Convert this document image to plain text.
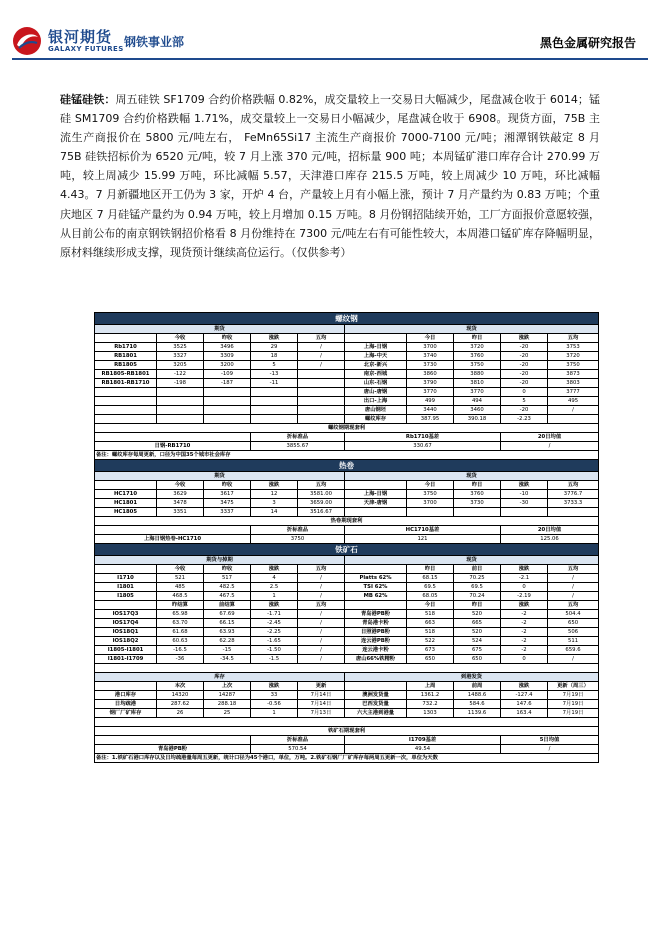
银河期货
GALAXY FUTURES 钢铁事业部	黑色金属研究报告
硅锰硅铁：周五硅铁 SF1709 合约价格跌幅 0.82%，成交量较上一交易日大幅减少，尾盘减仓收于 6014；锰硅 SM1709 合约价格跌幅 1.71%，成交量较上一交易日小幅减少，尾盘减仓收于 6908。现货方面，75B 主流生产商报价在 5800 元/吨左右， FeMn65Si17 主流生产商报价 7000-7100 元/吨；湘潭钢铁敲定 8 月 75B 硅铁招标价为 6520 元/吨，较 7 月上涨 370 元/吨，招标量 900 吨；本周锰矿港口库存合计 270.99 万吨，较上周减少 15.99 万吨，环比减幅 5.57，天津港口库存 215.5 万吨，较上周减少 10 万吨，环比减幅 4.43。7 月新疆地区开工仍为 3 家，开炉 4 台，产量较上月有小幅上涨，预计 7 月产量约为 0.83 万吨；个重庆地区 7 月硅锰产量约为 0.94 万吨，较上月增加 0.15 万吨。8 月份钢招陆续开始，工厂方面报价意愿较强，从目前公布的南京钢铁钢招价格看 8 月份维持在 7300 元/吨左右有可能性较大，本周港口锰矿库存降幅明显，原材料继续形成支撑，现货预计继续高位运行。（仅供参考）
螺纹钢									
期货					现货				
	今收	昨收	涨跌	五均		今日	昨日	涨跌	五均
Rb1710	3525	3496	29	/	上海-日钢	3700	3720	-20	3753
RB1801	3327	3309	18	/	上海-中天	3740	3760	-20	3720
RB1805	3205	3200	5	/	北京-新兴	3730	3750	-20	3750
RB1805-RB1801	-122	-109	-13		南京-西城	3860	3880	-20	3873
RB1801-RB1710	-198	-187	-11		山东-石钢	3790	3810	-20	3803
					唐山-唐钢	3770	3770	0	3777
					出口-上海	499	494	5	495
					唐山钢坯	3440	3460	-20	/
					螺纹库存	387.95	390.18	-2.23	
螺纹钢期现套利									
			折标准品		Rb1710基差			20日均值	
日钢-RB1710			3855.67		330.67			/	
备注：螺纹库存每周更新，口径为中国35个城市社会库存									
热卷									
期货					现货				
	今收	昨收	涨跌	五均		今日	昨日	涨跌	五均
HC1710	3629	3617	12	3581.00	上海-日钢	3750	3760	-10	3776.7
HC1801	3478	3475	3	3659.00	天津-唐钢	3700	3730	-30	3733.3
HC1805	3351	3337	14	3516.67					
热卷期现套利									
			折标准品		HC1710基差			20日均值	
上海日钢热卷-HC1710			3750		121			125.06	
铁矿石									
期货与掉期					现货				
	今收	昨收	涨跌	五均		昨日	前日	涨跌	五均
I1710	521	517	4	/	Platts 62%	68.15	70.25	-2.1	/
I1801	485	482.5	2.5	/	TSI 62%	69.5	69.5	0	/
I1805	468.5	467.5	1	/	MB 62%	68.05	70.24	-2.19	/
	昨结算	前结算	涨跌	五均		今日	昨日	涨跌	五均
IOS17Q3	65.98	67.69	-1.71	/	青岛港PB粉	518	520	-2	504.4
IOS17Q4	63.70	66.15	-2.45	/	青岛港卡粉	663	665	-2	650
IOS18Q1	61.68	63.93	-2.25	/	日照港PB粉	518	520	-2	506
IOS18Q2	60.63	62.28	-1.65	/	连云港PB粉	522	524	-2	511
I1805-I1801	-16.5	-15	-1.50	/	连云港卡粉	673	675	-2	659.6
I1801-I1709	-36	-34.5	-1.5	/	唐山66%铁精粉	650	650	0	/

库存					到港发货				
	本次	上次	涨跌	更新		上周	前周	涨跌	更新（周三）
港口库存	14320	14287	33	7月14日	澳洲发货量	1361.2	1488.6	-127.4	7月19日
日均疏港	287.62	288.18	-0.56	7月14日	巴西发货量	732.2	584.6	147.6	7月19日
钢厂厂矿库存	26	25	1	7月13日	六大主港到港量	1303	1139.6	163.4	7月19日

铁矿石期现套利									
			折标准品		I1709基差			5日均值	
青岛港PB粉			570.54		49.54			/	
备注：1.铁矿石港口库存以及日均疏港量每周五更新，统计口径为45个港口，单位，万吨。2.铁矿石钢厂厂矿库存每两周五更新一次，单位为天数									
